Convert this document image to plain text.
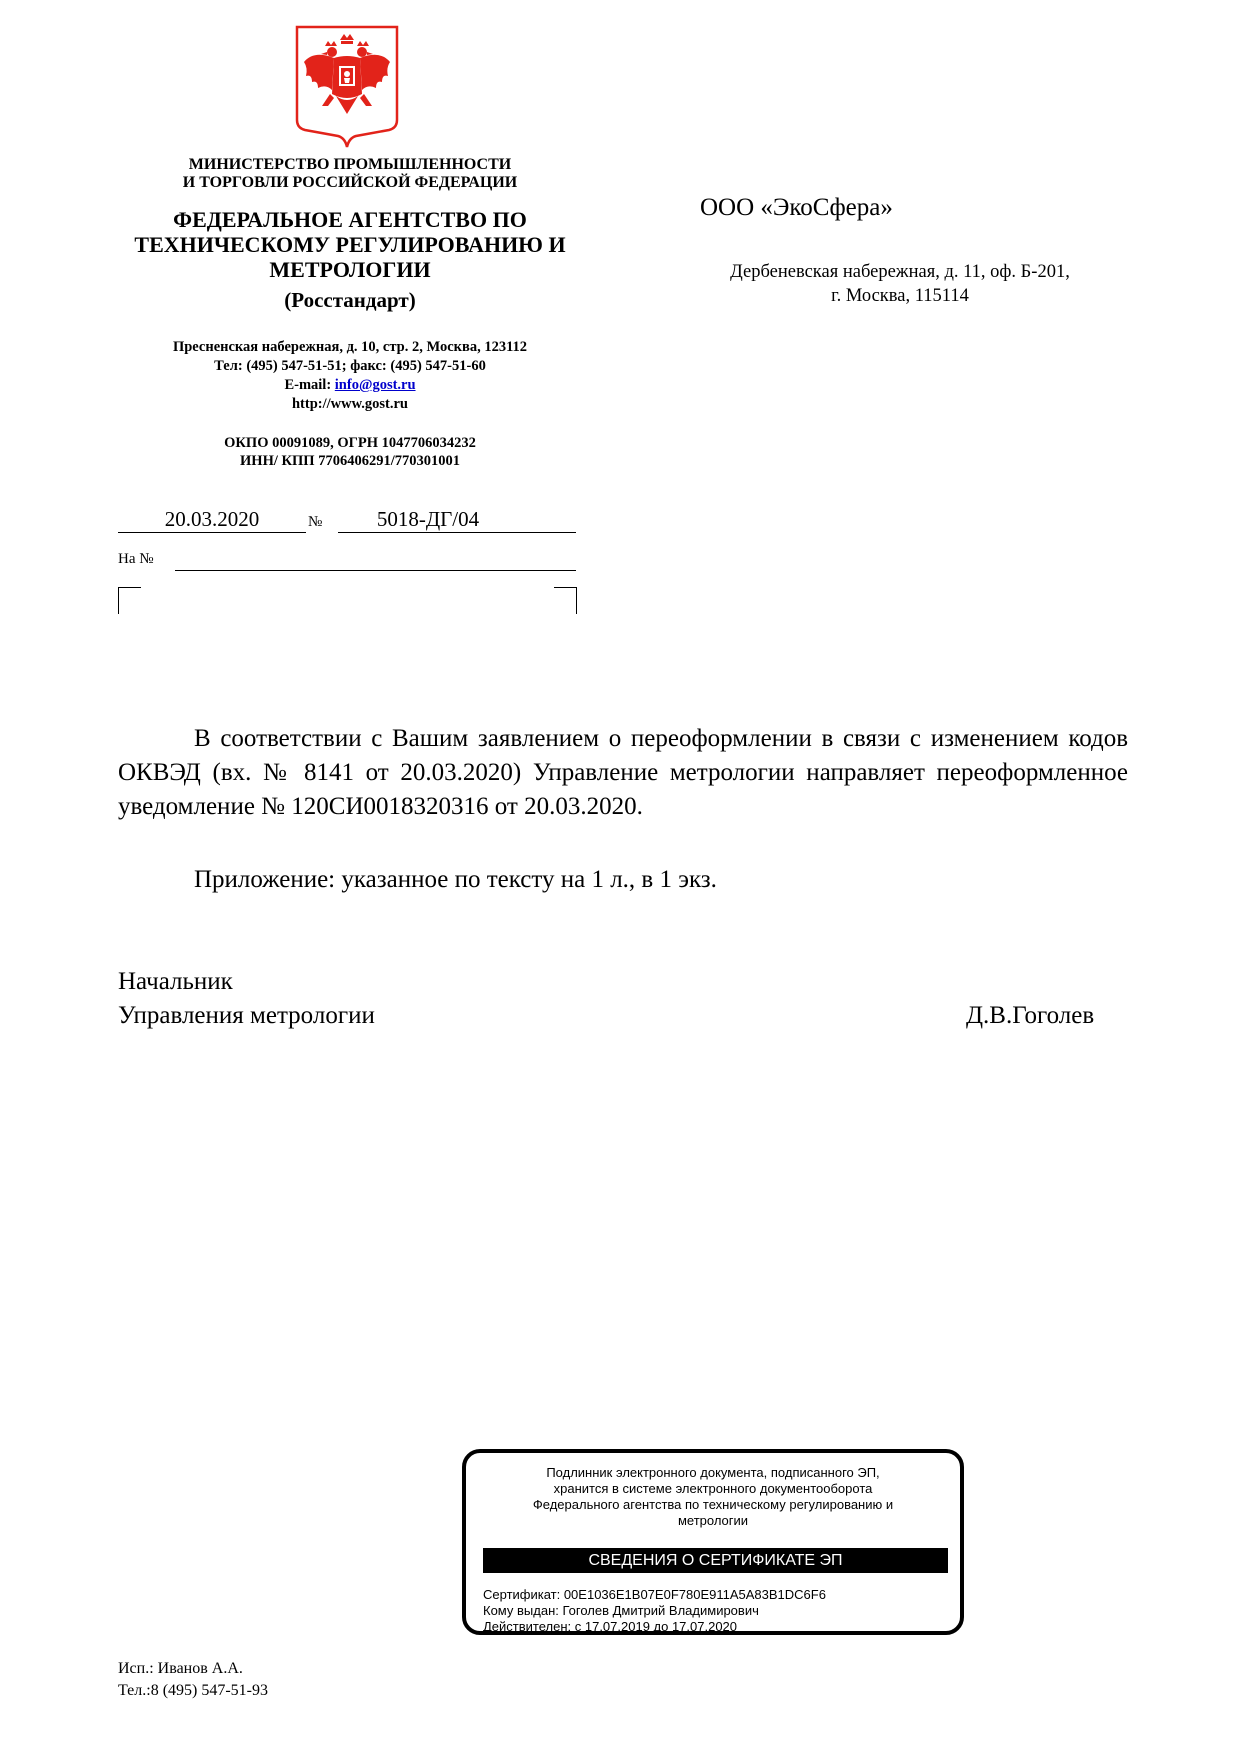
МИНИСТЕРСТВО ПРОМЫШЛЕННОСТИ
И ТОРГОВЛИ РОССИЙСКОЙ ФЕДЕРАЦИИ
ФЕДЕРАЛЬНОЕ АГЕНТСТВО ПО
ТЕХНИЧЕСКОМУ РЕГУЛИРОВАНИЮ И
МЕТРОЛОГИИ
(Росстандарт)
Пресненская набережная, д. 10, стр. 2, Москва, 123112
Тел: (495) 547-51-51; факс: (495) 547-51-60
E-mail: info@gost.ru
http://www.gost.ru
ОКПО 00091089, ОГРН 1047706034232
ИНН/ КПП 7706406291/770301001
ООО «ЭкоСфера»
Дербеневская набережная, д. 11, оф. Б-201,
г. Москва, 115114
20.03.2020	№	5018-ДГ/04
На №
В соответствии с Вашим заявлением о переоформлении в связи с изменением кодов ОКВЭД (вх. № 8141 от 20.03.2020) Управление метрологии направляет переоформленное уведомление № 120СИ0018320316 от 20.03.2020.
Приложение: указанное по тексту на 1 л., в 1 экз.
Начальник
Управления метрологии	Д.В.Гоголев
Подлинник электронного документа, подписанного ЭП,
хранится в системе электронного документооборота
Федерального агентства по техническому регулированию и
метрологии
СВЕДЕНИЯ О СЕРТИФИКАТЕ ЭП
Сертификат: 00E1036E1B07E0F780E911A5A83B1DC6F6
Кому выдан: Гоголев Дмитрий Владимирович
Действителен: с 17.07.2019 до 17.07.2020
Исп.: Иванов А.А.
Тел.:8 (495) 547-51-93
